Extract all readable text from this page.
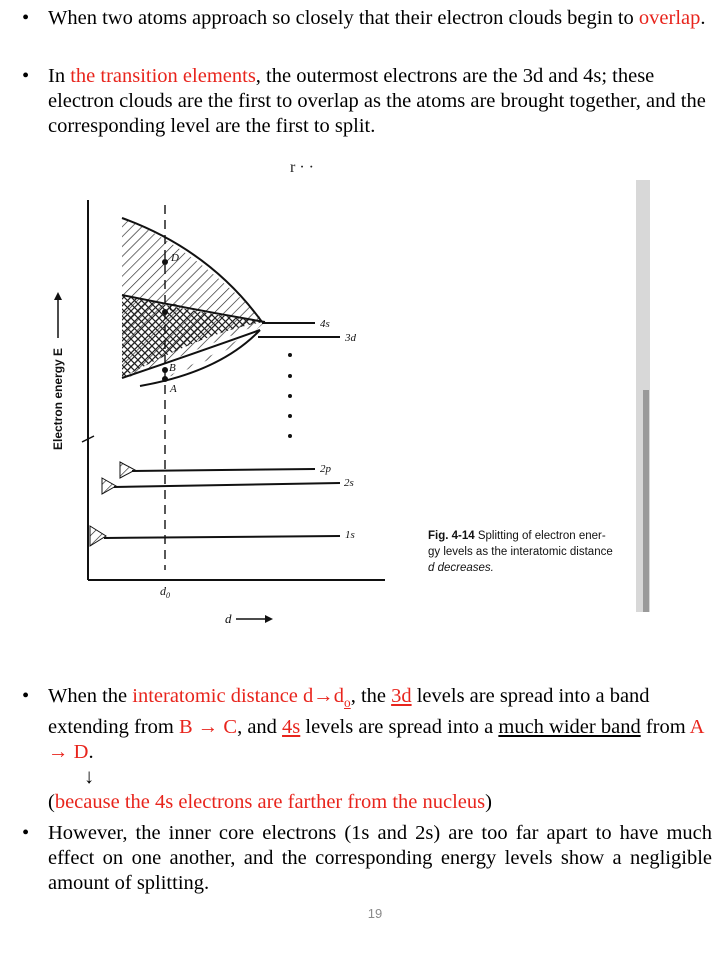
• When two atoms approach so closely that their electron clouds begin to overlap.
• In the transition elements, the outermost electrons are the 3d and 4s; these electron clouds are the first to overlap as the atoms are brought together, and the corresponding level are the first to split.
r · ·
Electron energy E
4s
3d
D
C
B
A
2p
2s
1s
$d_0$
d
Fig. 4-14 Splitting of electron ener-
gy levels as the interatomic distance
d decreases.
• When the interatomic distance $d\to d_o$, the 3d levels are spread into a band extending from B → C, and 4s levels are spread into a much wider band from A → D.
↓
(because the 4s electrons are farther from the nucleus)
• However, the inner core electrons (1s and 2s) are too far apart to have much effect on one another, and the corresponding energy levels show a negligible amount of splitting.
19
